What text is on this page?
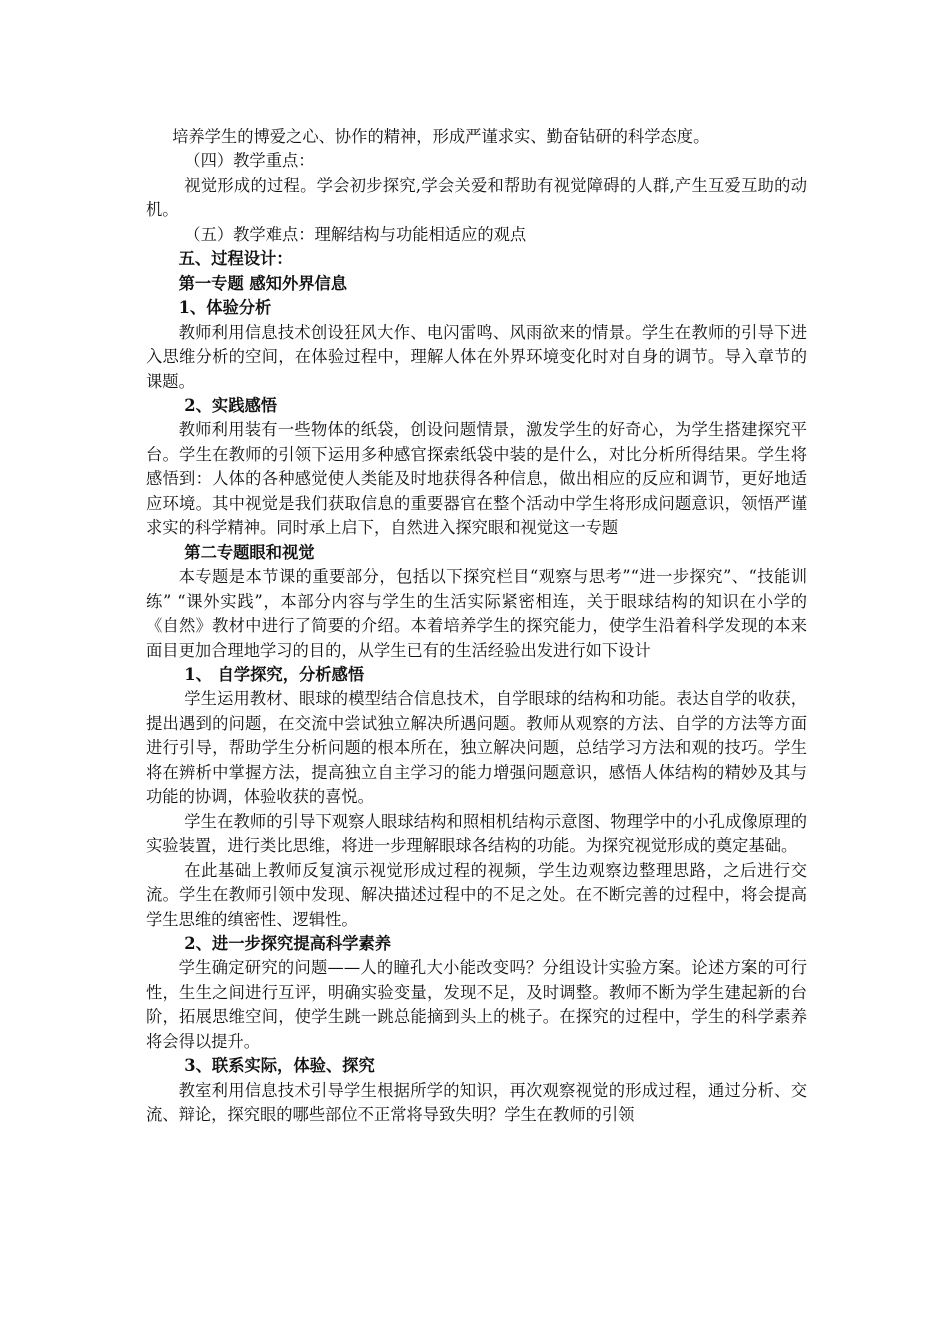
培养学生的博爱之心、协作的精神，形成严谨求实、勤奋钻研的科学态度。

（四）教学重点：

视觉形成的过程。学会初步探究,学会关爱和帮助有视觉障碍的人群,产生互爱互助的动机。

（五）教学难点：理解结构与功能相适应的观点

五、过程设计：

第一专题 感知外界信息

1、体验分析

教师利用信息技术创设狂风大作、电闪雷鸣、风雨欲来的情景。学生在教师的引导下进入思维分析的空间，在体验过程中，理解人体在外界环境变化时对自身的调节。导入章节的课题。

2、实践感悟

教师利用装有一些物体的纸袋，创设问题情景，激发学生的好奇心，为学生搭建探究平台。学生在教师的引领下运用多种感官探索纸袋中装的是什么，对比分析所得结果。学生将感悟到：人体的各种感觉使人类能及时地获得各种信息，做出相应的反应和调节，更好地适应环境。其中视觉是我们获取信息的重要器官在整个活动中学生将形成问题意识，领悟严谨求实的科学精神。同时承上启下，自然进入探究眼和视觉这一专题

第二专题眼和视觉

本专题是本节课的重要部分，包括以下探究栏目“观察与思考”“进一步探究”、“技能训练” “课外实践”，本部分内容与学生的生活实际紧密相连，关于眼球结构的知识在小学的《自然》教材中进行了简要的介绍。本着培养学生的探究能力，使学生沿着科学发现的本来面目更加合理地学习的目的，从学生已有的生活经验出发进行如下设计

1、 自学探究，分析感悟

学生运用教材、眼球的模型结合信息技术，自学眼球的结构和功能。表达自学的收获，提出遇到的问题，在交流中尝试独立解决所遇问题。教师从观察的方法、自学的方法等方面进行引导，帮助学生分析问题的根本所在，独立解决问题，总结学习方法和观的技巧。学生将在辨析中掌握方法，提高独立自主学习的能力增强问题意识，感悟人体结构的精妙及其与功能的协调，体验收获的喜悦。

学生在教师的引导下观察人眼球结构和照相机结构示意图、物理学中的小孔成像原理的实验装置，进行类比思维，将进一步理解眼球各结构的功能。为探究视觉形成的奠定基础。

在此基础上教师反复演示视觉形成过程的视频，学生边观察边整理思路，之后进行交流。学生在教师引领中发现、解决描述过程中的不足之处。在不断完善的过程中，将会提高学生思维的缜密性、逻辑性。

2、进一步探究提高科学素养

学生确定研究的问题——人的瞳孔大小能改变吗？分组设计实验方案。论述方案的可行性，生生之间进行互评，明确实验变量，发现不足，及时调整。教师不断为学生建起新的台阶，拓展思维空间，使学生跳一跳总能摘到头上的桃子。在探究的过程中，学生的科学素养将会得以提升。

3、联系实际，体验、探究

教室利用信息技术引导学生根据所学的知识，再次观察视觉的形成过程，通过分析、交流、辩论，探究眼的哪些部位不正常将导致失明？学生在教师的引领
